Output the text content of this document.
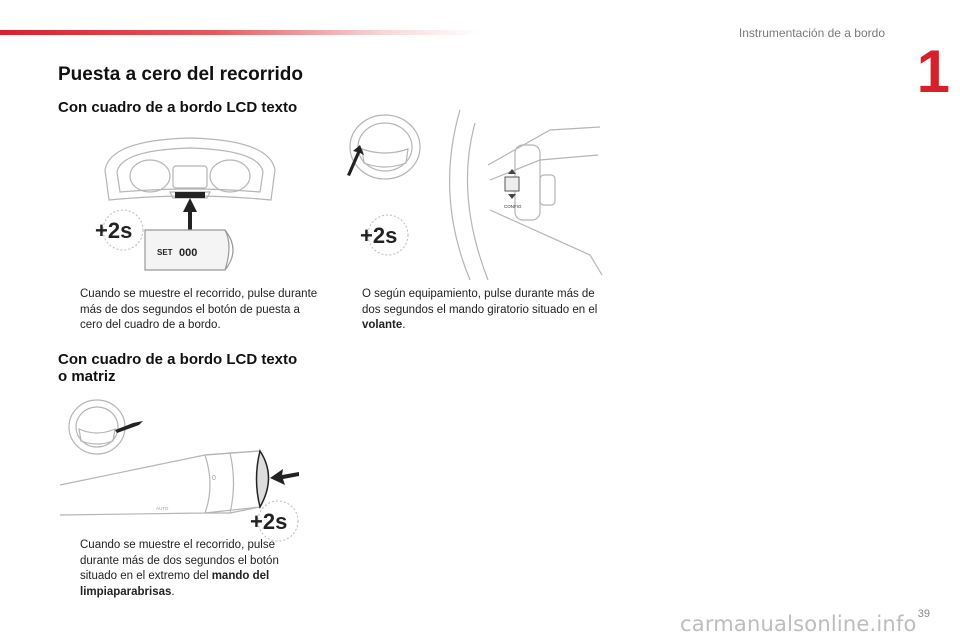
Instrumentación de a bordo
1
Puesta a cero del recorrido
Con cuadro de a bordo LCD texto
SET 000
+2s
CONFIG
+2s
Cuando se muestre el recorrido, pulse durante más de dos segundos el botón de puesta a cero del cuadro de a bordo.
O según equipamiento, pulse durante más de dos segundos el mando giratorio situado en el volante.
Con cuadro de a bordo LCD texto
o matriz
AUTO
0
+2s
Cuando se muestre el recorrido, pulse durante más de dos segundos el botón situado en el extremo del mando del limpiaparabrisas.
carmanualsonline.info 39
